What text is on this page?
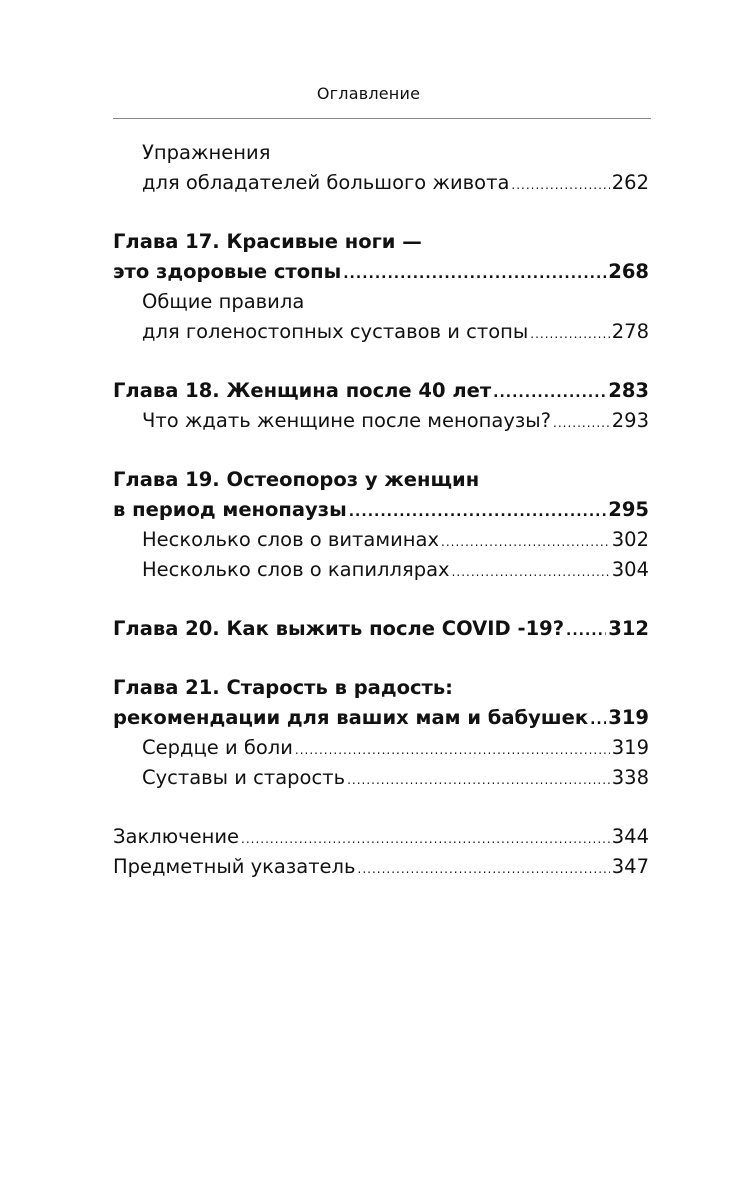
Оглавление
Упражнения
для обладателей большого живота .....	262
Глава 17. Красивые ноги —
это здоровые стопы .....	268
Общие правила
для голеностопных суставов и стопы .....	278
Глава 18. Женщина после 40 лет .....	283
Что ждать женщине после менопаузы? .....	293
Глава 19. Остеопороз у женщин
в период менопаузы .....	295
Несколько слов о витаминах .....	302
Несколько слов о капиллярах .....	304
Глава 20. Как выжить после COVID -19? ..... 312
Глава 21. Старость в радость:
рекомендации для ваших мам и бабушек ..... 319
Сердце и боли .....	319
Суставы и старость .....	338
Заключение .....	344
Предметный указатель .....	347
